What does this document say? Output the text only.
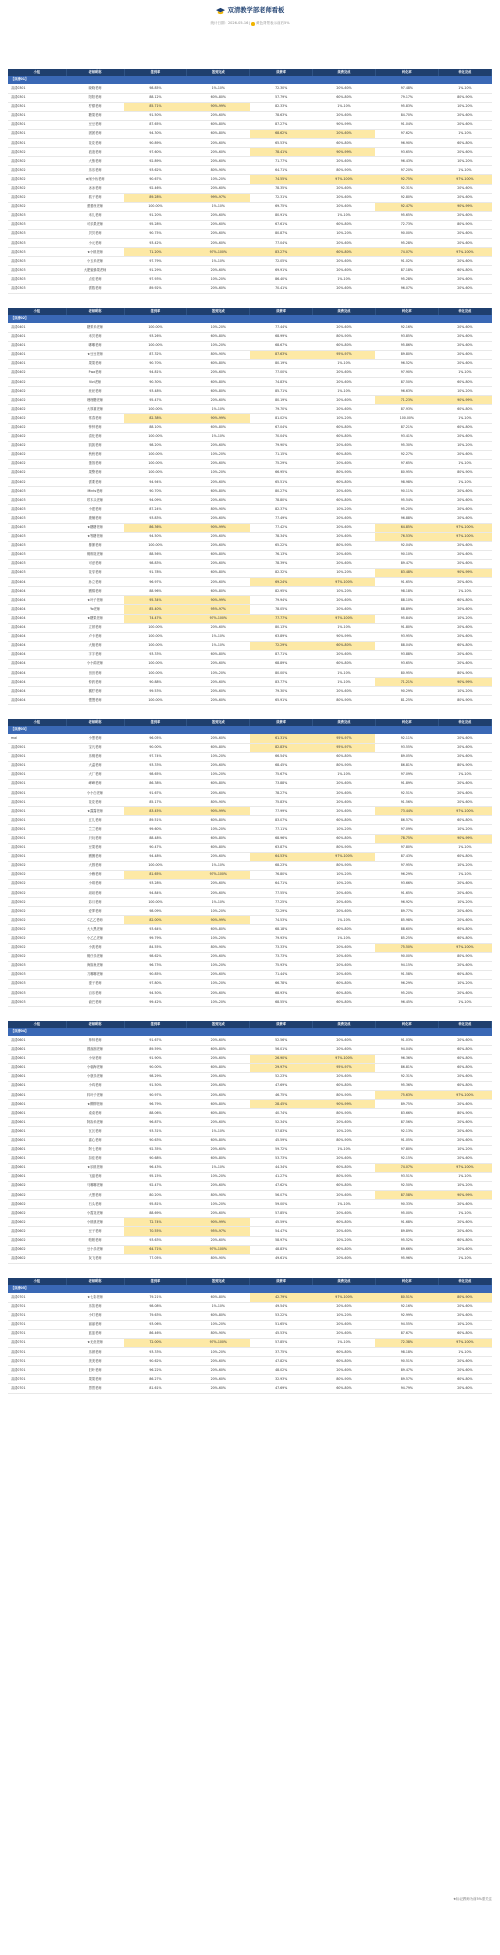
双清教学部老师看板
统计日期：2026-05-16 | 黄色背景表示前后5%
小组	老师昵称	签到率	签到完成	续费率	续费完成	转化率	转化完成
【双清01】							
双清0301	晓晓老师	98.85%	1%-10%	72.30%	20%-60%	97.48%	1%-10%
双清0301	阳阳老师	88.12%	60%-80%	57.79%	60%-80%	79.17%	80%-90%
双清0301	柠檬老师	85.71%	90%-99%	82.33%	1%-10%	95.83%	10%-20%
双清0301	糖果老师	91.50%	20%-60%	78.63%	20%-60%	84.70%	20%-60%
双清0301	豆豆老师	87.65%	60%-80%	87.27%	90%-99%	91.04%	20%-60%
双清0301	团团老师	94.30%	60%-80%	68.62%	20%-60%	97.62%	1%-10%
双清0301	花花老师	90.89%	20%-60%	65.53%	60%-80%	96.90%	60%-80%
双清0302	泡泡老师	97.60%	20%-60%	78.41%	90%-99%	93.65%	20%-60%
双清0302	大熊老师	92.89%	20%-60%	71.77%	20%-60%	96.43%	10%-20%
双清0302	乐乐老师	93.62%	80%-90%	64.71%	80%-90%	97.20%	1%-10%
双清0302	★闹小孩老师	90.67%	10%-20%	74.55%	97%-100%	92.75%	97%-100%
双清0302	冰冰老师	92.46%	20%-60%	78.35%	20%-60%	92.31%	20%-60%
双清0302	狐子老师	89.28%	99%-97%	72.31%	20%-60%	92.80%	20%-60%
双清0302	蕾蕾丝老师	100.00%	1%-10%	69.75%	20%-60%	92.47%	90%-99%
双清0303	米儿老师	91.20%	20%-60%	80.91%	1%-10%	95.65%	20%-60%
双清0303	可乐果老师	95.28%	20%-60%	67.61%	60%-80%	72.73%	80%-90%
双清0303	贝贝老师	90.75%	20%-60%	80.87%	10%-20%	90.00%	20%-60%
双清0303	小元老师	93.42%	20%-60%	77.04%	20%-60%	95.28%	20%-60%
双清0303	★小桃老师	71.20%	97%-100%	83.27%	60%-80%	74.07%	97%-100%
双清0303	小玉米老师	97.79%	1%-10%	72.05%	20%-60%	91.02%	20%-60%
双清0303	大肥蜜蜂果老师	91.29%	20%-60%	69.91%	20%-60%	87.18%	60%-80%
双清0303	点佳老师	97.93%	10%-20%	86.40%	1%-10%	95.28%	20%-60%
双清0303	需数老师	89.92%	20%-60%	70.41%	20%-60%	96.07%	20%-60%
小组	老师昵称	签到率	签到完成	续费率	续费完成	转化率	转化完成
【双清02】							
双清0401	糖浆米老师	100.00%	10%-20%	77.44%	20%-60%	92.16%	20%-60%
双清0401	米贝老师	93.26%	60%-80%	68.99%	80%-90%	93.85%	20%-60%
双清0401	嘟嘟老师	100.00%	10%-20%	68.67%	60%-80%	95.86%	20%-60%
双清0401	★豆豆老师	87.32%	80%-90%	87.63%	95%-97%	89.80%	20%-60%
双清0401	果果老师	90.70%	60%-80%	80.19%	1%-10%	96.52%	20%-60%
双清0402	Fwa老师	94.81%	20%-60%	77.00%	20%-60%	97.90%	1%-10%
双清0402	Vivi老师	90.30%	60%-80%	74.83%	20%-60%	87.50%	60%-80%
双清0402	丝丝老师	93.48%	60%-80%	85.71%	1%-10%	96.63%	10%-20%
双清0402	理理糖老师	95.47%	20%-60%	80.19%	20%-60%	71.23%	90%-99%
双清0402	大厚重老师	100.00%	1%-10%	79.70%	20%-60%	87.93%	60%-80%
双清0402	常春老师	82.38%	90%-99%	81.02%	10%-20%	100.00%	1%-10%
双清0402	钟钟老师	88.10%	60%-80%	67.04%	60%-80%	87.21%	60%-80%
双清0402	清化老师	100.00%	1%-10%	70.04%	60%-80%	93.41%	20%-60%
双清0402	凯凯老师	98.20%	20%-60%	79.90%	20%-60%	95.30%	10%-20%
双清0402	秋秋老师	100.00%	10%-20%	71.15%	60%-80%	92.27%	20%-60%
双清0402	蛋饭老师	100.00%	20%-60%	75.29%	20%-60%	97.65%	1%-10%
双清0402	果警老师	100.00%	10%-20%	66.95%	80%-90%	80.95%	80%-90%
双清0402	需要老师	94.94%	20%-60%	65.51%	60%-80%	98.98%	1%-10%
双清0403	Mints老师	90.70%	60%-80%	80.27%	20%-60%	90.11%	20%-60%
双清0403	哼木头老师	94.09%	20%-60%	78.80%	60%-80%	95.54%	20%-60%
双清0403	小建老师	87.24%	80%-90%	82.37%	10%-20%	95.20%	20%-60%
双清0403	康桶老师	93.83%	20%-60%	77.49%	20%-60%	96.88%	20%-60%
双清0403	★糖糖老师	86.36%	90%-99%	77.42%	20%-60%	64.85%	97%-100%
双清0403	★等糖老师	94.50%	20%-60%	78.34%	20%-60%	76.53%	97%-100%
双清0403	暴暴老师	100.00%	20%-60%	65.22%	80%-90%	92.04%	20%-60%
双清0403	桐桐花老师	88.56%	60%-80%	76.13%	20%-60%	90.10%	20%-60%
双清0403	可爱老师	98.83%	20%-60%	78.39%	20%-60%	89.47%	20%-60%
双清0403	花芽老师	91.78%	60%-80%	82.32%	10%-20%	83.48%	90%-99%
双清0404	孙立老师	96.97%	20%-60%	69.24%	97%-100%	91.65%	20%-60%
双清0404	圈棉老师	88.96%	60%-80%	82.95%	10%-20%	98.18%	1%-10%
双清0404	★叶子老师	95.34%	90%-99%	79.94%	20%-60%	88.10%	60%-80%
双清0404	Yo老师	85.40%	95%-97%	78.05%	20%-60%	88.89%	20%-60%
双清0404	★糖果老师	74.47%	97%-100%	77.77%	97%-100%	95.84%	10%-20%
双清0404	立顿老师	100.00%	20%-60%	80.13%	1%-10%	91.80%	20%-60%
双清0404	卢卡老师	100.00%	1%-10%	63.89%	90%-99%	93.95%	20%-60%
双清0404	大舰老师	100.00%	1%-10%	72.29%	60%-80%	88.04%	60%-80%
双清0404	宇宇老师	93.33%	60%-80%	87.71%	20%-60%	93.88%	20%-60%
双清0404	小小绵老师	100.00%	20%-60%	68.89%	60%-80%	93.65%	20%-60%
双清0404	田田老师	100.00%	10%-20%	80.00%	1%-10%	80.95%	80%-90%
双清0404	仲药老师	90.88%	20%-60%	83.77%	1%-10%	71.21%	90%-99%
双清0404	橘柠老师	99.53%	20%-60%	79.30%	20%-60%	90.29%	10%-20%
双清0404	馒馒老师	100.00%	20%-60%	65.91%	80%-90%	81.25%	80%-90%
小组	老师昵称	签到率	签到完成	续费率	续费完成	转化率	转化完成
【双清03】							
mai	小黑老师	96.05%	20%-60%	61.31%	95%-97%	92.11%	20%-60%
双清0501	宝凡老师	90.00%	60%-80%	82.83%	95%-97%	93.55%	20%-60%
双清0501	乐桐老师	97.74%	10%-20%	66.54%	60%-80%	89.05%	20%-60%
双清0501	大温老师	93.33%	20%-60%	68.45%	80%-90%	86.81%	80%-90%
双清0501	大厂老师	98.65%	10%-20%	75.67%	1%-10%	97.09%	1%-10%
双清0501	峰峰老师	86.38%	60%-80%	73.88%	20%-60%	91.89%	20%-60%
双清0501	小小白老师	91.67%	20%-60%	78.27%	20%-60%	92.51%	20%-60%
双清0501	花花老师	85.17%	80%-90%	75.83%	20%-60%	91.56%	20%-60%
双清0501	★露露老师	83.45%	90%-99%	77.99%	20%-60%	73.44%	97%-100%
双清0501	五儿老师	89.51%	60%-80%	83.07%	60%-80%	86.57%	60%-80%
双清0501	兰兰老师	99.60%	10%-20%	77.11%	10%-20%	97.09%	10%-20%
双清0501	只玩老师	88.48%	60%-80%	68.96%	60%-80%	78.75%	90%-99%
双清0501	豆果老师	90.47%	60%-80%	63.87%	80%-90%	97.80%	1%-10%
双清0501	圈圈老师	94.48%	20%-60%	64.53%	97%-100%	87.43%	60%-80%
双清0502	大圆老师	100.00%	1%-10%	68.23%	80%-90%	97.95%	10%-20%
双清0502	小赖老师	81.65%	97%-100%	76.80%	10%-20%	96.29%	1%-10%
双清0502	小琪老师	93.28%	20%-60%	64.71%	10%-20%	93.66%	20%-60%
双清0502	坦坦老师	94.84%	20%-60%	77.55%	20%-60%	91.65%	20%-60%
双清0502	彩月老师	100.00%	1%-10%	77.25%	20%-60%	96.92%	10%-20%
双清0502	爱萝老师	98.09%	10%-20%	72.29%	20%-60%	89.77%	20%-60%
双清0502	C乙乙老师	82.00%	90%-99%	74.53%	1%-10%	85.98%	20%-60%
双清0502	大大黑老师	93.64%	60%-80%	68.18%	60%-80%	88.60%	60%-80%
双清0502	小乙乙老师	99.79%	10%-20%	79.93%	1%-10%	85.25%	60%-80%
双清0502	小波老师	84.55%	80%-90%	73.33%	20%-60%	75.50%	97%-100%
双清0502	桐仔乐老师	98.62%	20%-60%	73.73%	20%-60%	90.00%	80%-90%
双清0503	海豚鱼老师	96.73%	10%-20%	75.93%	20%-60%	94.15%	20%-60%
双清0503	刀嘟嘟老师	90.85%	20%-60%	71.44%	20%-60%	91.58%	60%-80%
双清0503	蚕子老师	97.80%	10%-20%	66.78%	60%-80%	96.29%	10%-20%
双清0503	百乐老师	94.50%	20%-60%	68.93%	60%-80%	95.20%	20%-60%
双清0503	俞巴老师	99.42%	10%-20%	68.55%	60%-80%	96.45%	1%-10%
小组	老师昵称	签到率	签到完成	续费率	续费完成	转化率	转化完成
【双清04】							
双清0601	帅帅老师	91.67%	20%-60%	52.56%	20%-60%	91.03%	20%-60%
双清0601	圆溜溜老师	89.59%	60%-80%	56.01%	20%-60%	94.04%	60%-80%
双清0601	小朵老师	91.90%	20%-60%	26.90%	97%-100%	96.36%	60%-80%
双清0601	小朝海老师	90.00%	60%-80%	29.97%	95%-97%	86.81%	60%-80%
双清0601	小康乐老师	98.29%	20%-60%	52.23%	20%-60%	92.31%	20%-60%
双清0601	小鸡老师	91.50%	20%-60%	47.69%	60%-80%	95.36%	60%-80%
双清0601	料叶子老师	90.97%	20%-60%	46.75%	80%-90%	75.63%	97%-100%
双清0601	★柳柳老师	96.79%	60%-80%	28.45%	90%-99%	89.75%	20%-60%
双清0601	桌桌老师	88.06%	60%-80%	40.74%	80%-90%	83.66%	80%-90%
双清0601	阿拆米老师	96.87%	20%-60%	52.34%	20%-60%	87.56%	20%-60%
双清0601	瓦瓦老师	93.31%	1%-10%	57.83%	10%-20%	92.13%	20%-60%
双清0601	嘉心老师	90.63%	60%-80%	45.59%	80%-90%	91.05%	20%-60%
双清0601	阿七老师	92.35%	20%-60%	59.72%	1%-10%	97.80%	10%-20%
双清0601	扣佳老师	90.68%	60%-80%	53.73%	20%-60%	92.15%	20%-60%
双清0601	★乐桃老师	96.43%	1%-10%	44.34%	60%-80%	74.07%	97%-100%
双清0601	飞鼠老师	95.15%	10%-20%	41.27%	80%-90%	93.51%	1%-10%
双清0602	马嘟嘟老师	92.47%	20%-60%	47.62%	60%-80%	92.50%	10%-20%
双清0602	大黑老师	80.20%	80%-90%	56.07%	20%-60%	87.58%	90%-99%
双清0602	石头老师	95.81%	10%-20%	59.00%	1%-10%	90.33%	20%-60%
双清0602	小霞花老师	88.69%	20%-60%	57.85%	20%-60%	95.00%	1%-10%
双清0602	小桃桃老师	72.74%	90%-99%	45.59%	60%-80%	91.68%	20%-60%
双清0602	豆子老师	70.55%	95%-97%	54.47%	20%-60%	89.89%	20%-60%
双清0602	帕帕老师	93.63%	20%-60%	58.97%	10%-20%	95.52%	60%-80%
双清0602	豆小乐老师	64.71%	97%-100%	48.83%	60%-80%	89.66%	20%-60%
双清0602	灰飞老师	77.05%	80%-90%	49.61%	20%-60%	95.96%	1%-10%
小组	老师昵称	签到率	签到完成	续费率	续费完成	转化率	转化完成
【双清05】							
双清0701	★七彩老师	79.21%	60%-80%	42.79%	97%-100%	80.51%	80%-90%
双清0701	乐笛老师	98.08%	1%-10%	49.54%	20%-60%	92.16%	20%-60%
双清0701	小叮老师	79.63%	60%-80%	53.22%	10%-20%	92.99%	20%-60%
双清0701	丽丽老师	93.06%	10%-20%	51.65%	20%-60%	94.55%	10%-20%
双清0701	蓝蓝老师	86.46%	80%-90%	45.53%	20%-60%	87.67%	60%-80%
双清0701	★无优老师	72.00%	97%-100%	57.85%	1%-10%	72.38%	97%-100%
双清0701	乐颜老师	93.33%	10%-20%	37.75%	60%-80%	98.18%	1%-10%
双清0701	美美老师	90.62%	20%-60%	47.82%	60%-80%	90.51%	20%-60%
双清0701	旧叶老师	96.22%	20%-60%	48.02%	20%-60%	89.47%	20%-60%
双清0701	果果老师	86.27%	20%-60%	32.93%	80%-90%	89.57%	60%-80%
双清0701	思思老师	81.61%	20%-60%	47.69%	60%-80%	94.79%	20%-60%
★标记教师为前5%需关注
